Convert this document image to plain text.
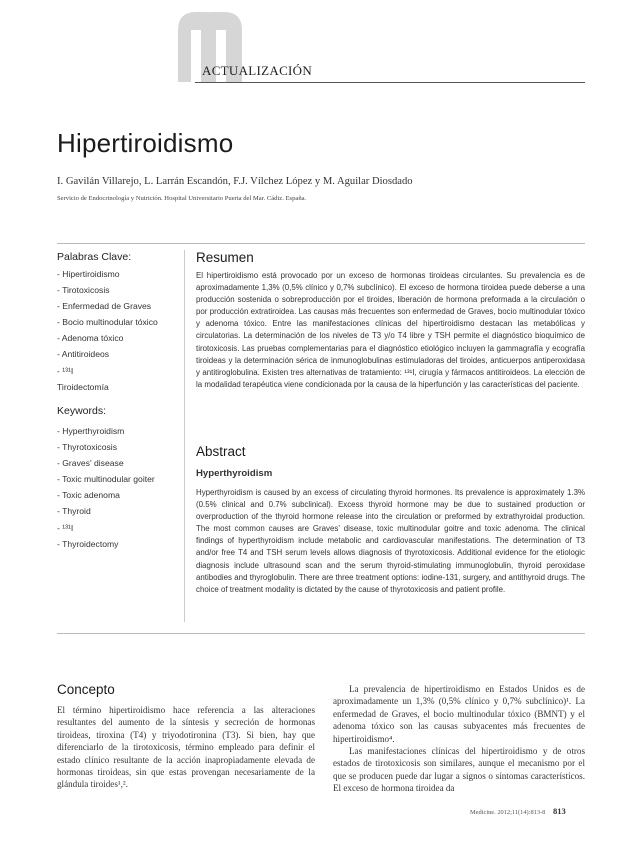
ACTUALIZACIÓN
Hipertiroidismo
I. Gavilán Villarejo, L. Larrán Escandón, F.J. Vílchez López y M. Aguilar Diosdado
Servicio de Endocrinología y Nutrición. Hospital Universitario Puerta del Mar. Cádiz. España.
Palabras Clave:
- Hipertiroidismo
- Tirotoxicosis
- Enfermedad de Graves
- Bocio multinodular tóxico
- Adenoma tóxico
- Antitiroideos
- ¹³¹I
Tiroidectomía
Keywords:
- Hyperthyroidism
- Thyrotoxicosis
- Graves' disease
- Toxic multinodular goiter
- Toxic adenoma
- Thyroid
- ¹³¹I
- Thyroidectomy
Resumen

El hipertiroidismo está provocado por un exceso de hormonas tiroideas circulantes. Su prevalencia es de aproximadamente 1,3% (0,5% clínico y 0,7% subclínico). El exceso de hormona tiroidea puede deberse a una producción sostenida o sobreproducción por el tiroides, liberación de hormona preformada a la circulación o por producción extratiroidea. Las causas más frecuentes son enfermedad de Graves, bocio multinodular tóxico y adenoma tóxico. Entre las manifestaciones clínicas del hipertiroidismo destacan las metabólicas y circulatorias. La determinación de los niveles de T3 y/o T4 libre y TSH permite el diagnóstico bioquímico de tirotoxicosis. Las pruebas complementarias para el diagnóstico etiológico incluyen la gammagrafía y ecografía tiroideas y la determinación sérica de inmunoglobulinas estimuladoras del tiroides, anticuerpos antiperoxidasa y antitiroglobulina. Existen tres alternativas de tratamiento: ¹³¹I, cirugía y fármacos antitiroideos. La elección de la modalidad terapéutica viene condicionada por la causa de la hiperfunción y las características del paciente.

Abstract
Hyperthyroidism

Hyperthyroidism is caused by an excess of circulating thyroid hormones. Its prevalence is approximately 1.3% (0.5% clinical and 0.7% subclinical). Excess thyroid hormone may be due to sustained production or overproduction of the thyroid hormone release into the circulation or preformed by extrathyroidal production. The most common causes are Graves' disease, toxic multinodular goitre and toxic adenoma. The clinical findings of hyperthyroidism include metabolic and cardiovascular manifestations. The determination of T3 and/or free T4 and TSH serum levels allows diagnosis of thyrotoxicosis. Additional evidence for the etiologic diagnosis include ultrasound scan and the serum thyroid-stimulating immunoglobulin, thyroid peroxidase antibodies and thyroglobulin. There are three treatment options: iodine-131, surgery, and antithyroid drugs. The choice of treatment modality is dictated by the cause of thyrotoxicosis and patient profile.

Concepto

El término hipertiroidismo hace referencia a las alteraciones resultantes del aumento de la síntesis y secreción de hormonas tiroideas, tiroxina (T4) y triyodotironina (T3). Si bien, hay que diferenciarlo de la tirotoxicosis, término empleado para definir el estado clínico resultante de la acción inapropiadamente elevada de hormonas tiroideas, sin que estas provengan necesariamente de la glándula tiroides¹,².

La prevalencia de hipertiroidismo en Estados Unidos es de aproximadamente un 1,3% (0,5% clínico y 0,7% subclínico)¹. La enfermedad de Graves, el bocio multinodular tóxico (BMNT) y el adenoma tóxico son las causas subyacentes más frecuentes de hipertiroidismo⁴.

Las manifestaciones clínicas del hipertiroidismo y de otros estados de tirotoxicosis son similares, aunque el mecanismo por el que se producen puede dar lugar a signos o síntomas característicos. El exceso de hormona tiroidea da

Medicine. 2012;11(14):813-8 813
